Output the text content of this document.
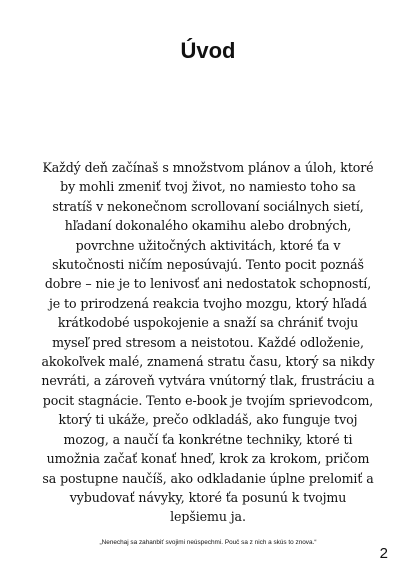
Úvod

Každý deň začínaš s množstvom plánov a úloh, ktoré by mohli zmeniť tvoj život, no namiesto toho sa stratíš v nekonečnom scrollovaní sociálnych sietí, hľadaní dokonalého okamihu alebo drobných, povrchne užitočných aktivitách, ktoré ťa v skutočnosti ničím neposúvajú. Tento pocit poznáš dobre – nie je to lenivosť ani nedostatok schopností, je to prirodzená reakcia tvojho mozgu, ktorý hľadá krátkodobé uspokojenie a snaží sa chrániť tvoju myseľ pred stresom a neistotou. Každé odloženie, akokoľvek malé, znamená stratu času, ktorý sa nikdy nevráti, a zároveň vytvára vnútorný tlak, frustráciu a pocit stagnácie. Tento e-book je tvojím sprievodcom, ktorý ti ukáže, prečo odkladáš, ako funguje tvoj mozog, a naučí ťa konkrétne techniky, ktoré ti umožnia začať konať hneď, krok za krokom, pričom sa postupne naučíš, ako odkladanie úplne prelomiť a vybudovať návyky, ktoré ťa posunú k tvojmu lepšiemu ja.

„Nenechaj sa zahanbiť svojimi neúspechmi. Pouč sa z nich a skús to znova.“

2
